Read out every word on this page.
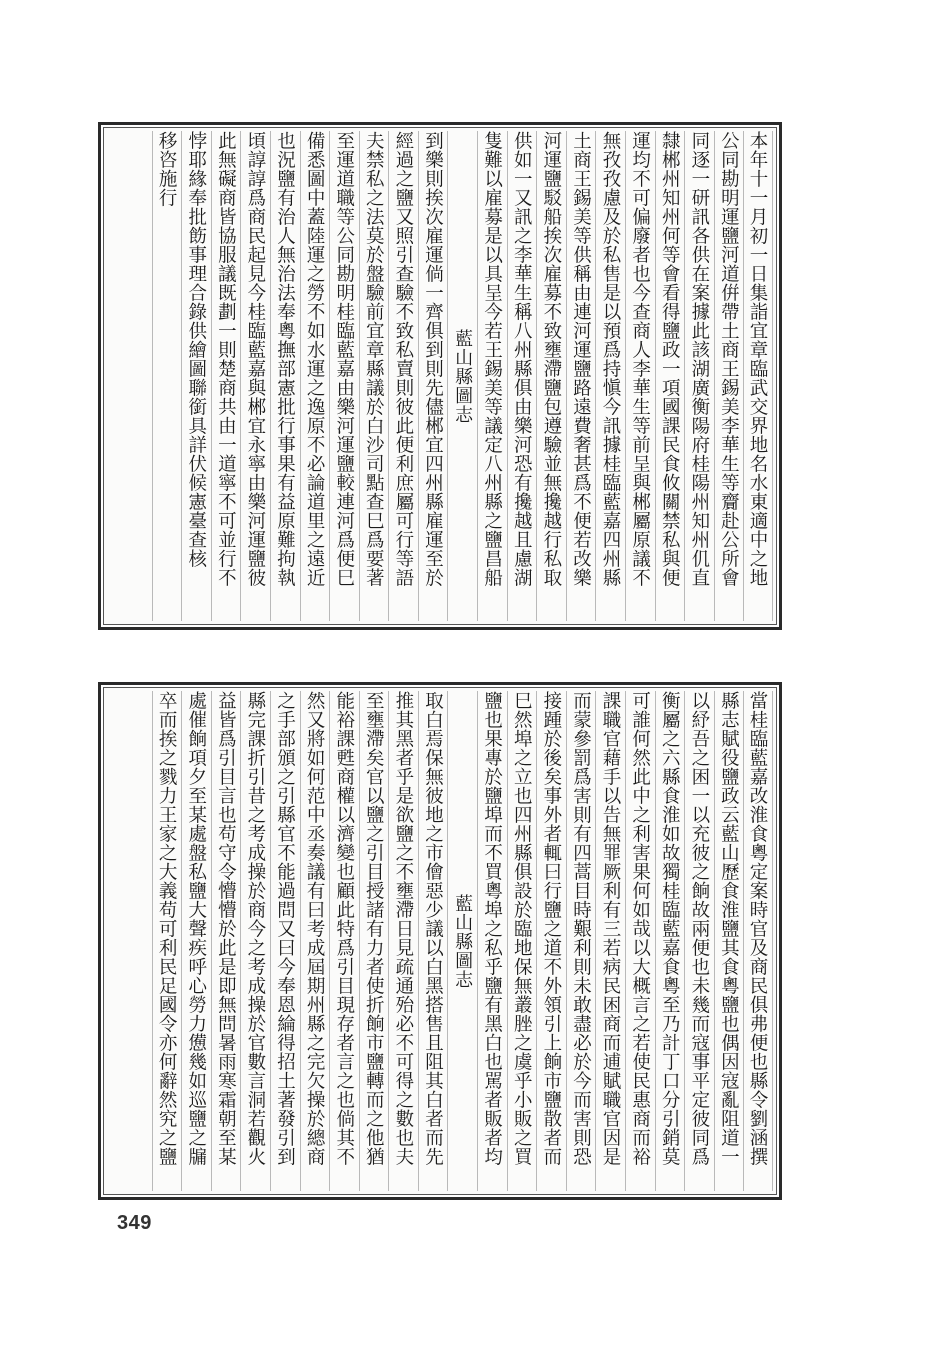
本年十一月初一日集詣宜章臨武交界地名水東適中之地
公同勘明運鹽河道倂帶土商王錫美李華生等齎赴公所會
同逐一研訊各供在案據此該湖廣衡陽府桂陽州知州仉直
隸郴州知州何等會看得鹽政一項國課民食攸關禁私與便
運均不可偏廢者也今查商人李華生等前呈與郴屬原議不
無孜孜慮及於私售是以預爲持愼今訊據桂臨藍嘉四州縣
土商王錫美等供稱由連河運鹽路遠費奢甚爲不便若改樂
河運鹽駁船挨次雇募不致壅滯鹽包遵驗並無攙越行私取
供如一又訊之李華生稱八州縣俱由樂河恐有攙越且慮湖
隻難以雇募是以具呈今若王錫美等議定八州縣之鹽昌船
藍山縣圖志
到樂則挨次雇運倘一齊俱到則先儘郴宜四州縣雇運至於
經過之鹽又照引查驗不致私賣則彼此便利庶屬可行等語
夫禁私之法莫於盤驗前宜章縣議於白沙司點查巳爲要著
至運道職等公同勘明桂臨藍嘉由樂河運鹽較連河爲便巳
備悉圖中蓋陸運之勞不如水運之逸原不必論道里之遠近
也況鹽有治人無治法奉粵撫部憲批行事果有益原難拘執
頃諄諄爲商民起見今桂臨藍嘉與郴宜永寧由樂河運鹽彼
此無礙商皆協服議既劃一則楚商共由一道寧不可並行不
悖耶緣奉批飭事理合錄供繪圖聯銜具詳伏候憲臺查核
移咨施行
當桂臨藍嘉改淮食粵定案時官及商民俱弗便也縣令劉涵撰
縣志賦役鹽政云藍山歷食淮鹽其食粵鹽也偶因寇亂阻道一
以紓吾之困一以充彼之餉故兩便也未幾而寇事平定彼同爲
衡屬之六縣食淮如故獨桂臨藍嘉食粵至乃計丁口分引銷莫
可誰何然此中之利害果何如哉以大概言之若使民惠商而裕
課職官藉手以告無罪厥利有三若病民困商而逋賦職官因是
而蒙參罰爲害則有四蒿目時艱利則未敢盡必於今而害則恐
接踵於後矣事外者輒曰行鹽之道不外領引上餉市鹽散者而
巳然埠之立也四州縣俱設於臨地保無叢脞之虞乎小販之買
鹽也果專於鹽埠而不買粵埠之私乎鹽有黑白也駡者販者均
藍山縣圖志
取白焉保無彼地之市儈惡少議以白黑搭售且阻其白者而先
推其黑者乎是欲鹽之不壅滯日見疏通殆必不可得之數也夫
至壅滯矣官以鹽之引目授諸有力者使折餉市鹽轉而之他猶
能裕課甦商權以濟變也顧此特爲引目現存者言之也倘其不
然又將如何范中丞奏議有曰考成屆期州縣之完欠操於總商
之手部頒之引縣官不能過問又曰今奉恩綸得招土著發引到
縣完課折引昔之考成操於商今之考成操於官數言洞若觀火
益皆爲引目言也苟守令懵懵於此是即無問暑雨寒霜朝至某
處催餉項夕至某處盤私鹽大聲疾呼心勞力憊幾如巡鹽之牖
卒而挨之戮力王家之大義苟可利民足國令亦何辭然究之鹽
349
